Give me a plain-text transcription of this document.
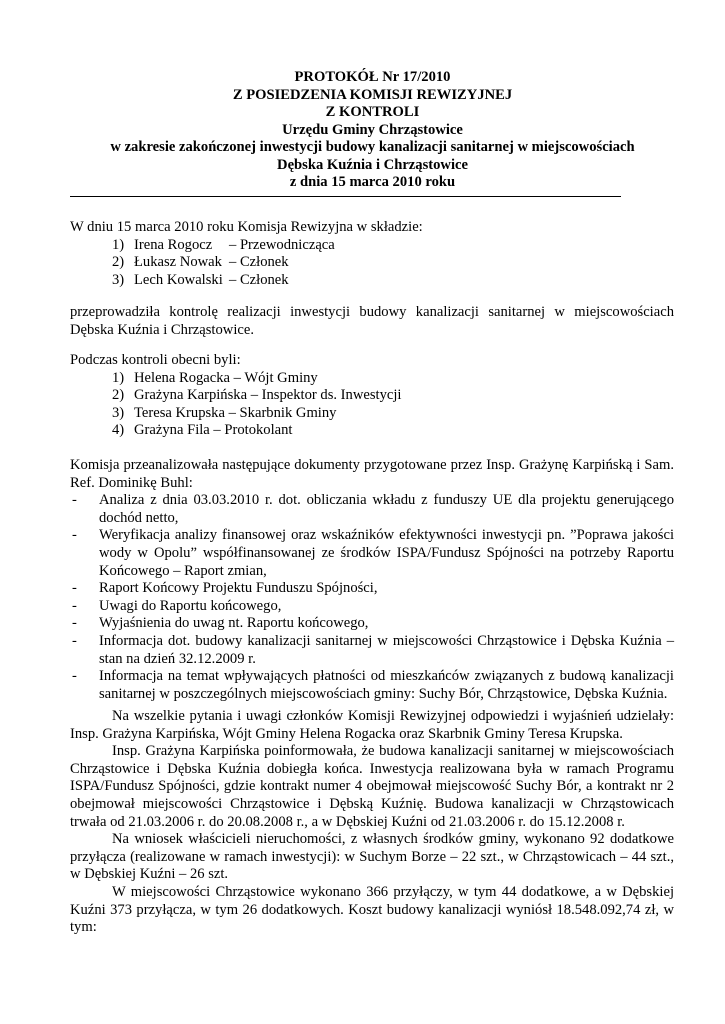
PROTOKÓŁ Nr 17/2010
Z POSIEDZENIA KOMISJI REWIZYJNEJ
Z KONTROLI
Urzędu Gminy Chrząstowice
w zakresie zakończonej inwestycji budowy kanalizacji sanitarnej w miejscowościach
Dębska Kuźnia i Chrząstowice
z dnia 15 marca 2010 roku
W dniu 15 marca 2010 roku Komisja Rewizyjna w składzie:
1) Irena Rogocz	– Przewodnicząca
2) Łukasz Nowak – Członek
3) Lech Kowalski – Członek
przeprowadziła kontrolę realizacji inwestycji budowy kanalizacji sanitarnej w miejscowościach
Dębska Kuźnia i Chrząstowice.
Podczas kontroli obecni byli:
1) Helena Rogacka – Wójt Gminy
2) Grażyna Karpińska – Inspektor ds. Inwestycji
3) Teresa Krupska – Skarbnik Gminy
4) Grażyna Fila – Protokolant
Komisja przeanalizowała następujące dokumenty przygotowane przez Insp. Grażynę Karpińską i Sam. Ref. Dominikę Buhl:
-	Analiza z dnia 03.03.2010 r. dot. obliczania wkładu z funduszy UE dla projektu generującego dochód netto,
-	Weryfikacja analizy finansowej oraz wskaźników efektywności inwestycji pn. ”Poprawa jakości wody w Opolu” współfinansowanej ze środków ISPA/Fundusz Spójności na potrzeby Raportu Końcowego – Raport zmian,
-	Raport Końcowy Projektu Funduszu Spójności,
-	Uwagi do Raportu końcowego,
-	Wyjaśnienia do uwag nt. Raportu końcowego,
-	Informacja dot. budowy kanalizacji sanitarnej w miejscowości Chrząstowice i Dębska Kuźnia – stan na dzień 32.12.2009 r.
-	Informacja na temat wpływających płatności od mieszkańców związanych z budową kanalizacji sanitarnej w poszczególnych miejscowościach gminy: Suchy Bór, Chrząstowice, Dębska Kuźnia.
Na wszelkie pytania i uwagi członków Komisji Rewizyjnej odpowiedzi i wyjaśnień udzielały: Insp. Grażyna Karpińska, Wójt Gminy Helena Rogacka oraz Skarbnik Gminy Teresa Krupska.
Insp. Grażyna Karpińska poinformowała, że budowa kanalizacji sanitarnej w miejscowościach Chrząstowice i Dębska Kuźnia dobiegła końca. Inwestycja realizowana była w ramach Programu ISPA/Fundusz Spójności, gdzie kontrakt numer 4 obejmował miejscowość Suchy Bór, a kontrakt nr 2 obejmował miejscowości Chrząstowice i Dębską Kuźnię. Budowa kanalizacji w Chrząstowicach trwała od 21.03.2006 r. do 20.08.2008 r., a w Dębskiej Kuźni od 21.03.2006 r. do 15.12.2008 r.
Na wniosek właścicieli nieruchomości, z własnych środków gminy, wykonano 92 dodatkowe przyłącza (realizowane w ramach inwestycji): w Suchym Borze – 22 szt., w Chrząstowicach – 44 szt., w Dębskiej Kuźni – 26 szt.
W miejscowości Chrząstowice wykonano 366 przyłączy, w tym 44 dodatkowe, a w Dębskiej Kuźni 373 przyłącza, w tym 26 dodatkowych. Koszt budowy kanalizacji wyniósł 18.548.092,74 zł, w tym:
